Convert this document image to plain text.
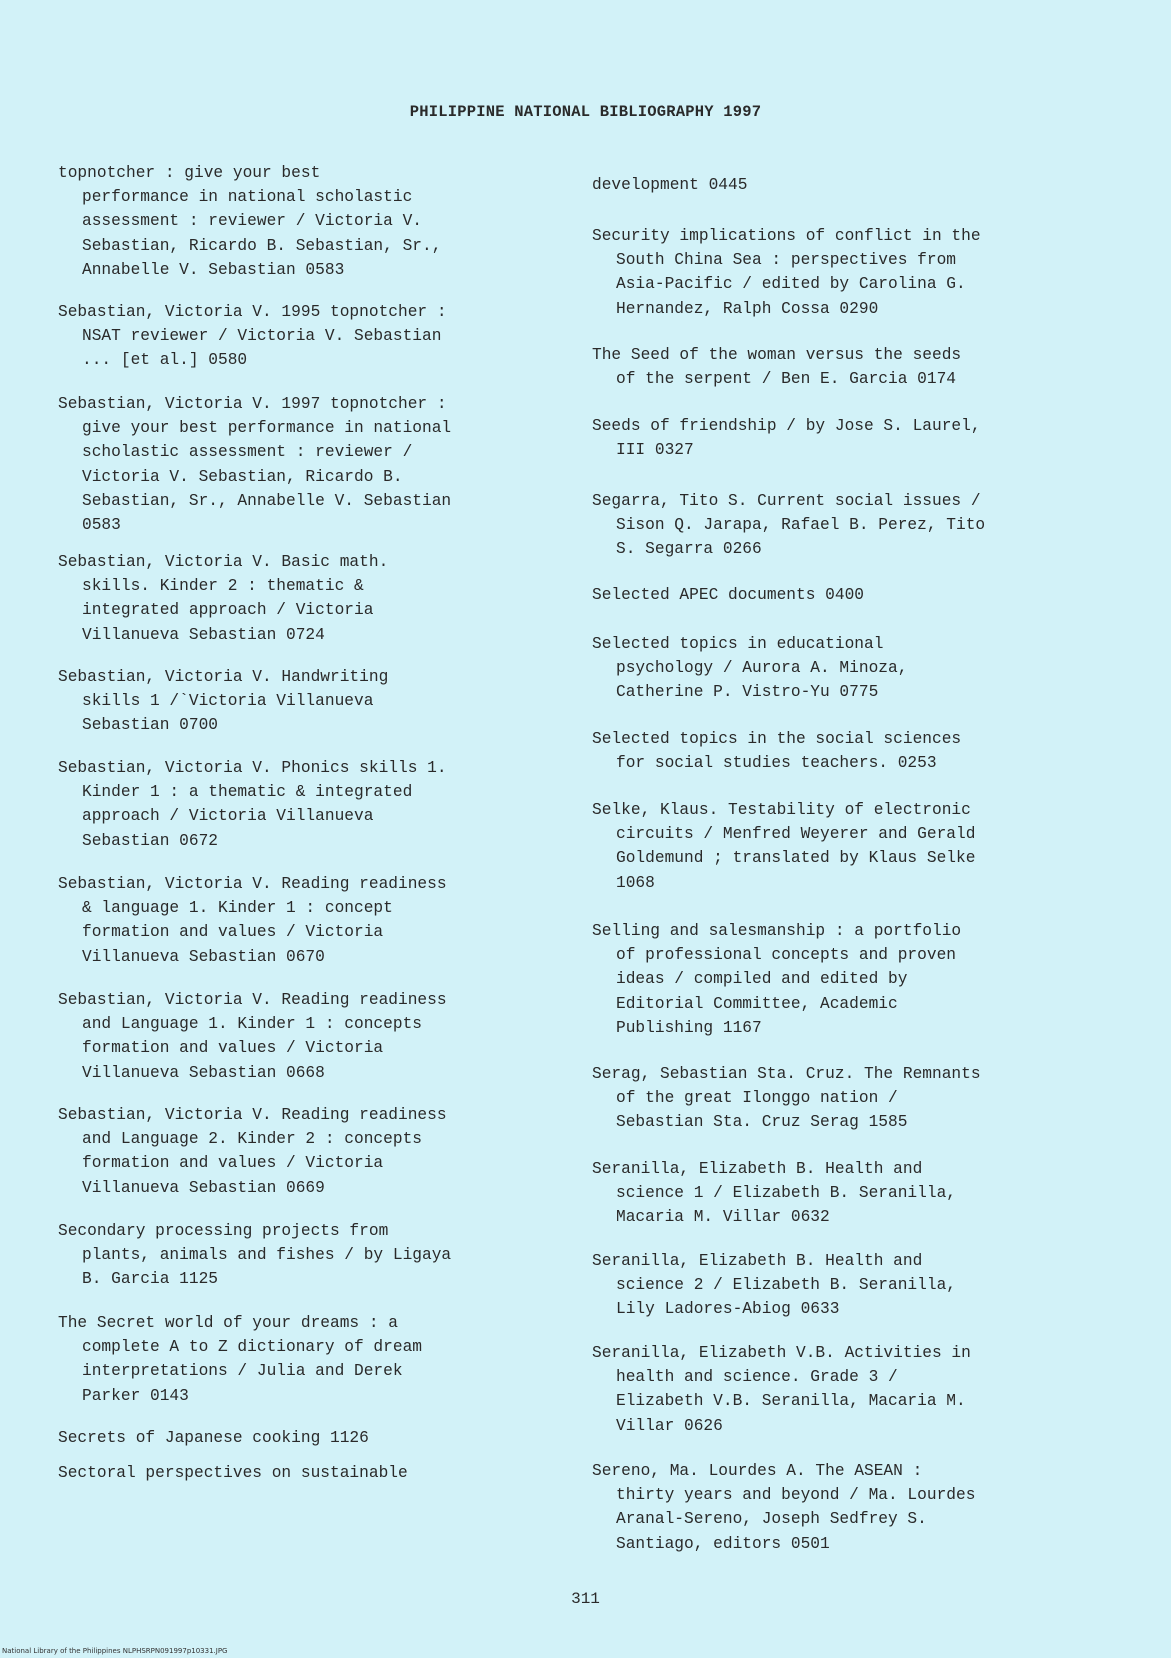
PHILIPPINE NATIONAL BIBLIOGRAPHY 1997
topnotcher : give your best
performance in national scholastic
assessment : reviewer / Victoria V.
Sebastian, Ricardo B. Sebastian, Sr.,
Annabelle V. Sebastian 0583
Sebastian, Victoria V. 1995 topnotcher :
NSAT reviewer / Victoria V. Sebastian
... [et al.] 0580
Sebastian, Victoria V. 1997 topnotcher :
give your best performance in national
scholastic assessment : reviewer /
Victoria V. Sebastian, Ricardo B.
Sebastian, Sr., Annabelle V. Sebastian
0583
Sebastian, Victoria V. Basic math.
skills. Kinder 2 : thematic &
integrated approach / Victoria
Villanueva Sebastian 0724
Sebastian, Victoria V. Handwriting
skills 1 /`Victoria Villanueva
Sebastian 0700
Sebastian, Victoria V. Phonics skills 1.
Kinder 1 : a thematic & integrated
approach / Victoria Villanueva
Sebastian 0672
Sebastian, Victoria V. Reading readiness
& language 1. Kinder 1 : concept
formation and values / Victoria
Villanueva Sebastian 0670
Sebastian, Victoria V. Reading readiness
and Language 1. Kinder 1 : concepts
formation and values / Victoria
Villanueva Sebastian 0668
Sebastian, Victoria V. Reading readiness
and Language 2. Kinder 2 : concepts
formation and values / Victoria
Villanueva Sebastian 0669
Secondary processing projects from
plants, animals and fishes / by Ligaya
B. Garcia 1125
The Secret world of your dreams : a
complete A to Z dictionary of dream
interpretations / Julia and Derek
Parker 0143
Secrets of Japanese cooking 1126
Sectoral perspectives on sustainable
development 0445
Security implications of conflict in the
South China Sea : perspectives from
Asia-Pacific / edited by Carolina G.
Hernandez, Ralph Cossa 0290
The Seed of the woman versus the seeds
of the serpent / Ben E. Garcia 0174
Seeds of friendship / by Jose S. Laurel,
III 0327
Segarra, Tito S. Current social issues /
Sison Q. Jarapa, Rafael B. Perez, Tito
S. Segarra 0266
Selected APEC documents 0400
Selected topics in educational
psychology / Aurora A. Minoza,
Catherine P. Vistro-Yu 0775
Selected topics in the social sciences
for social studies teachers. 0253
Selke, Klaus. Testability of electronic
circuits / Menfred Weyerer and Gerald
Goldemund ; translated by Klaus Selke
1068
Selling and salesmanship : a portfolio
of professional concepts and proven
ideas / compiled and edited by
Editorial Committee, Academic
Publishing 1167
Serag, Sebastian Sta. Cruz. The Remnants
of the great Ilonggo nation /
Sebastian Sta. Cruz Serag 1585
Seranilla, Elizabeth B. Health and
science 1 / Elizabeth B. Seranilla,
Macaria M. Villar 0632
Seranilla, Elizabeth B. Health and
science 2 / Elizabeth B. Seranilla,
Lily Ladores-Abiog 0633
Seranilla, Elizabeth V.B. Activities in
health and science. Grade 3 /
Elizabeth V.B. Seranilla, Macaria M.
Villar 0626
Sereno, Ma. Lourdes A. The ASEAN :
thirty years and beyond / Ma. Lourdes
Aranal-Sereno, Joseph Sedfrey S.
Santiago, editors 0501
311
National Library of the Philippines NLPHSRPN091997p10331.JPG
